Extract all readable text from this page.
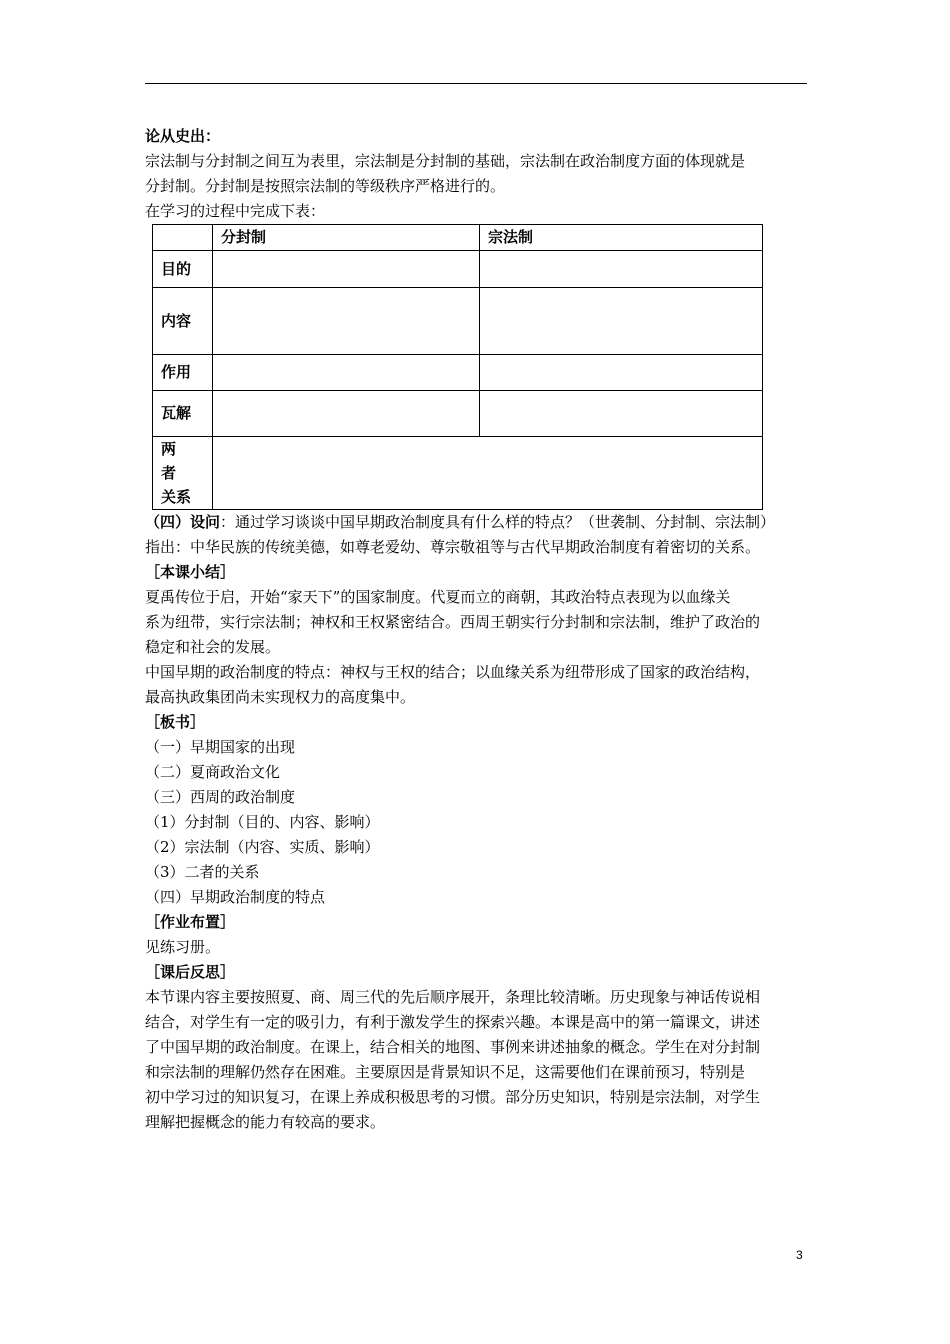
论从史出：

宗法制与分封制之间互为表里，宗法制是分封制的基础，宗法制在政治制度方面的体现就是

分封制。分封制是按照宗法制的等级秩序严格进行的。

在学习的过程中完成下表：

	分封制	宗法制
目的		
内容		
作用		
瓦解		

两　者
关系		

（四）设问：通过学习谈谈中国早期政治制度具有什么样的特点？（世袭制、分封制、宗法制）

指出：中华民族的传统美德，如尊老爱幼、尊宗敬祖等与古代早期政治制度有着密切的关系。

［本课小结］

夏禹传位于启，开始“家天下”的国家制度。代夏而立的商朝，其政治特点表现为以血缘关

系为纽带，实行宗法制；神权和王权紧密结合。西周王朝实行分封制和宗法制，维护了政治的

稳定和社会的发展。

中国早期的政治制度的特点：神权与王权的结合；以血缘关系为纽带形成了国家的政治结构，

最高执政集团尚未实现权力的高度集中。

［板书］

（一）早期国家的出现

（二）夏商政治文化

（三）西周的政治制度

（1）分封制（目的、内容、影响）

（2）宗法制（内容、实质、影响）

（3）二者的关系

（四）早期政治制度的特点

［作业布置］

见练习册。

［课后反思］

本节课内容主要按照夏、商、周三代的先后顺序展开，条理比较清晰。历史现象与神话传说相

结合，对学生有一定的吸引力，有利于激发学生的探索兴趣。本课是高中的第一篇课文，讲述

了中国早期的政治制度。在课上，结合相关的地图、事例来讲述抽象的概念。学生在对分封制

和宗法制的理解仍然存在困难。主要原因是背景知识不足，这需要他们在课前预习，特别是

初中学习过的知识复习，在课上养成积极思考的习惯。部分历史知识，特别是宗法制，对学生

理解把握概念的能力有较高的要求。

3
